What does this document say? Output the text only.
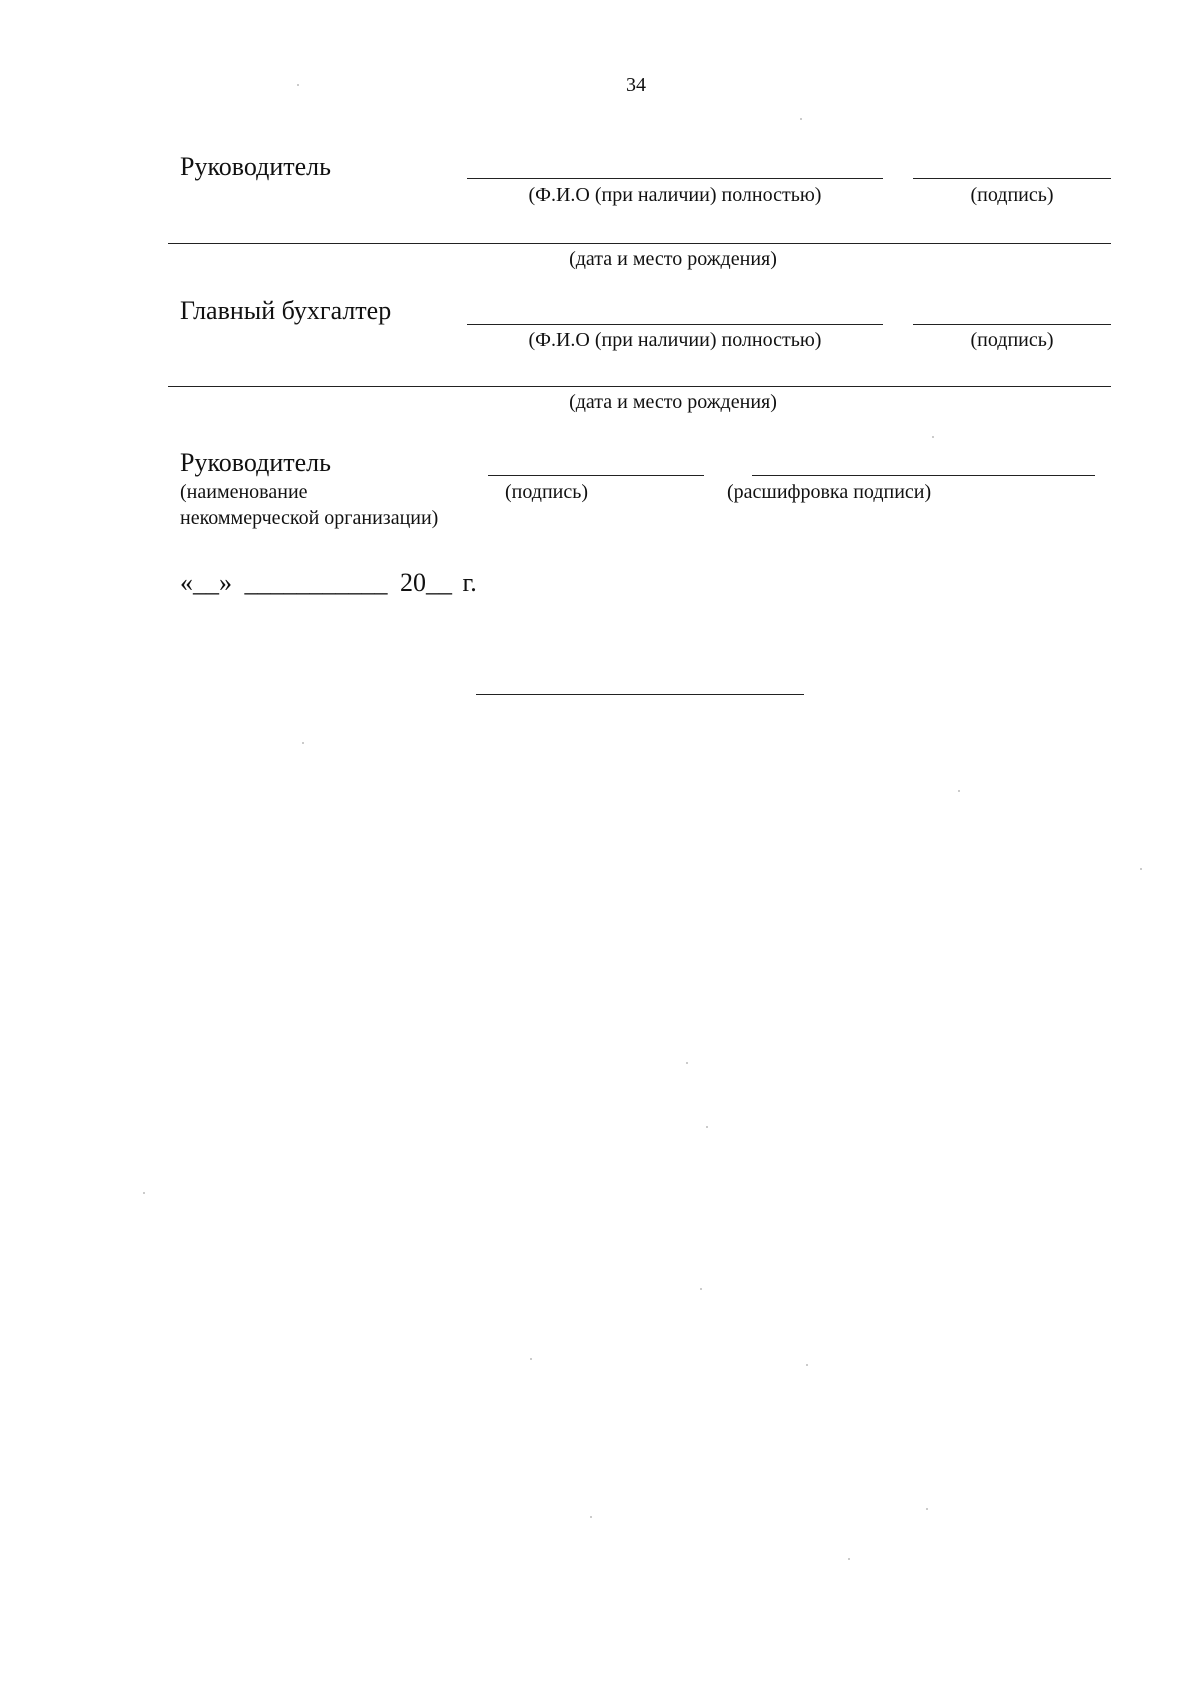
34
Руководитель
(Ф.И.О (при наличии) полностью)	(подпись)
(дата и место рождения)
Главный бухгалтер
(Ф.И.О (при наличии) полностью)	(подпись)
(дата и место рождения)
Руководитель
(наименование
некоммерческой организации)
(подпись)	(расшифровка подписи)
«__» ___________ 20__ г.
